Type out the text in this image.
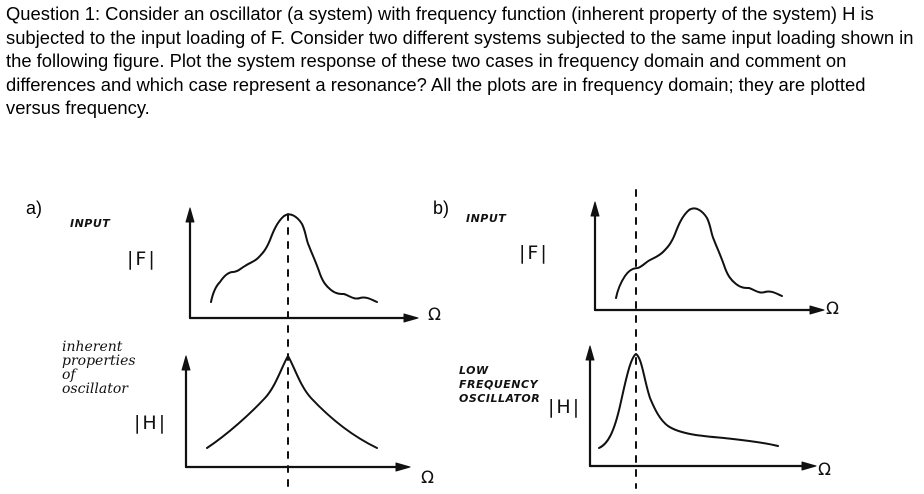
Question 1: Consider an oscillator (a system) with frequency function (inherent property of the system) H is subjected to the input loading of F. Consider two different systems subjected to the same input loading shown in the following figure. Plot the system response of these two cases in frequency domain and comment on differences and which case represent a resonance? All the plots are in frequency domain; they are plotted versus frequency.

a)	b)
INPUT
|F|
inherent
properties
of
oscillator
|H|
Ω
Ω
INPUT
|F|
LOW
FREQUENCY
OSCILLATOR |H|
Ω
Ω
